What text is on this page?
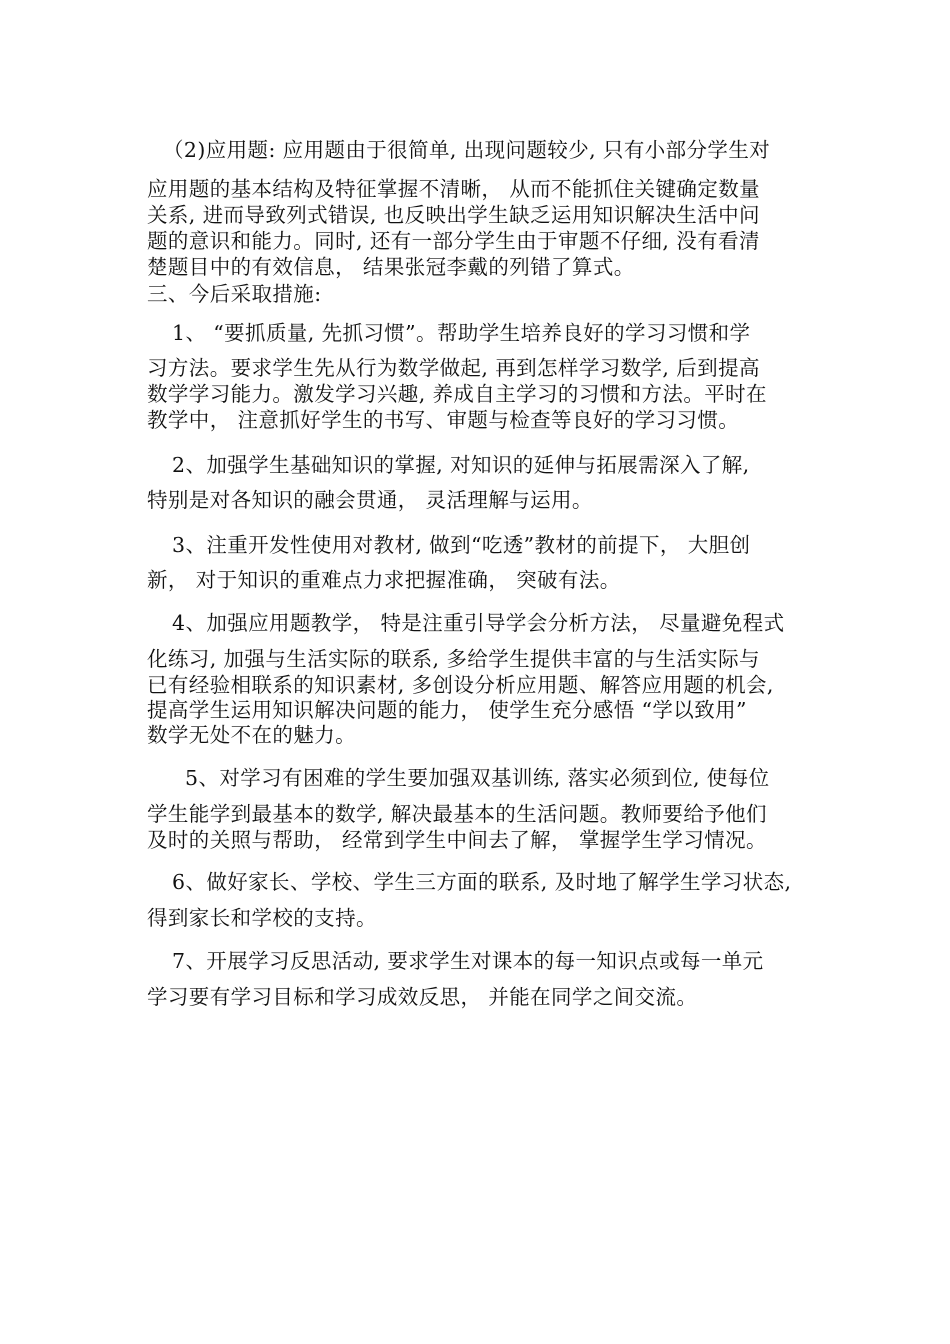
（2)应用题: 应用题由于很简单, 出现问题较少, 只有小部分学生对
应用题的基本结构及特征掌握不清晰， 从而不能抓住关键确定数量
关系, 进而导致列式错误, 也反映出学生缺乏运用知识解决生活中问
题的意识和能力。同时, 还有一部分学生由于审题不仔细, 没有看清
楚题目中的有效信息， 结果张冠李戴的列错了算式。
三、今后采取措施:
1、 “要抓质量, 先抓习惯”。帮助学生培养良好的学习习惯和学
习方法。要求学生先从行为数学做起, 再到怎样学习数学, 后到提高
数学学习能力。激发学习兴趣, 养成自主学习的习惯和方法。平时在
教学中， 注意抓好学生的书写、审题与检查等良好的学习习惯。
2、加强学生基础知识的掌握, 对知识的延伸与拓展需深入了解,
特别是对各知识的融会贯通， 灵活理解与运用。
3、注重开发性使用对教材, 做到“吃透”教材的前提下， 大胆创
新， 对于知识的重难点力求把握准确， 突破有法。
4、加强应用题教学， 特是注重引导学会分析方法， 尽量避免程式
化练习, 加强与生活实际的联系, 多给学生提供丰富的与生活实际与
已有经验相联系的知识素材, 多创设分析应用题、解答应用题的机会,
提高学生运用知识解决问题的能力， 使学生充分感悟 “学以致用”
数学无处不在的魅力。
5、对学习有困难的学生要加强双基训练, 落实必须到位, 使每位
学生能学到最基本的数学, 解决最基本的生活问题。教师要给予他们
及时的关照与帮助， 经常到学生中间去了解， 掌握学生学习情况。
6、做好家长、学校、学生三方面的联系, 及时地了解学生学习状态,
得到家长和学校的支持。
7、开展学习反思活动, 要求学生对课本的每一知识点或每一单元
学习要有学习目标和学习成效反思， 并能在同学之间交流。
